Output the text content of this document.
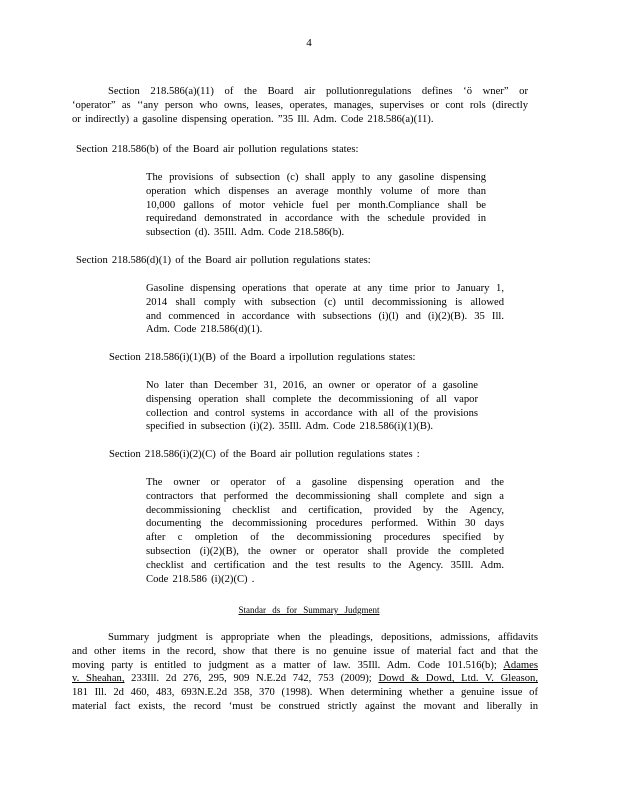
4
Section 218.586(a)(11) of the Board air pollutionregulations defines ‘ö wner” or
‘operator” as ‘‘any person who owns, leases, operates, manages, supervises or cont rols (directly
or indirectly) a gasoline dispensing operation. ”35 Ill. Adm. Code 218.586(a)(11).
Section 218.586(b) of the Board air pollution regulations states:
The provisions of subsection (c) shall apply to any gasoline dispensing
operation which dispenses an average monthly volume of more than
10,000 gallons of motor vehicle fuel per month.Compliance shall be
requiredand demonstrated in accordance with the schedule provided in
subsection (d). 35Ill. Adm. Code 218.586(b).
Section 218.586(d)(1) of the Board air pollution regulations states:
Gasoline dispensing operations that operate at any time prior to January 1,
2014 shall comply with subsection (c) until decommissioning is allowed
and commenced in accordance with subsections (i)(l) and (i)(2)(B). 35 Ill.
Adm. Code 218.586(d)(1).
Section 218.586(i)(1)(B) of the Board a irpollution regulations states:
No later than December 31, 2016, an owner or operator of a gasoline
dispensing operation shall complete the decommissioning of all vapor
collection and control systems in accordance with all of the provisions
specified in subsection (i)(2). 35Ill. Adm. Code 218.586(i)(1)(B).
Section 218.586(i)(2)(C) of the Board air pollution regulations states :
The owner or operator of a gasoline dispensing operation and the
contractors that performed the decommissioning shall complete and sign a
decommissioning checklist and certification, provided by the Agency,
documenting the decommissioning procedures performed. Within 30 days
after c ompletion of the decommissioning procedures specified by
subsection (i)(2)(B), the owner or operator shall provide the completed
checklist and certification and the test results to the Agency. 35Ill. Adm.
Code 218.586 (i)(2)(C) .
Standar ds for Summary Judgment
Summary judgment is appropriate when the pleadings, depositions, admissions, affidavits
and other items in the record, show that there is no genuine issue of material fact and that the
moving party is entitled to judgment as a matter of law. 35Ill. Adm. Code 101.516(b); Adames
v. Sheahan, 233Ill. 2d 276, 295, 909 N.E.2d 742, 753 (2009); Dowd & Dowd, Ltd. V. Gleason,
181 Ill. 2d 460, 483, 693N.E.2d 358, 370 (1998). When determining whether a genuine issue of
material fact exists, the record ‘must be construed strictly against the movant and liberally in
